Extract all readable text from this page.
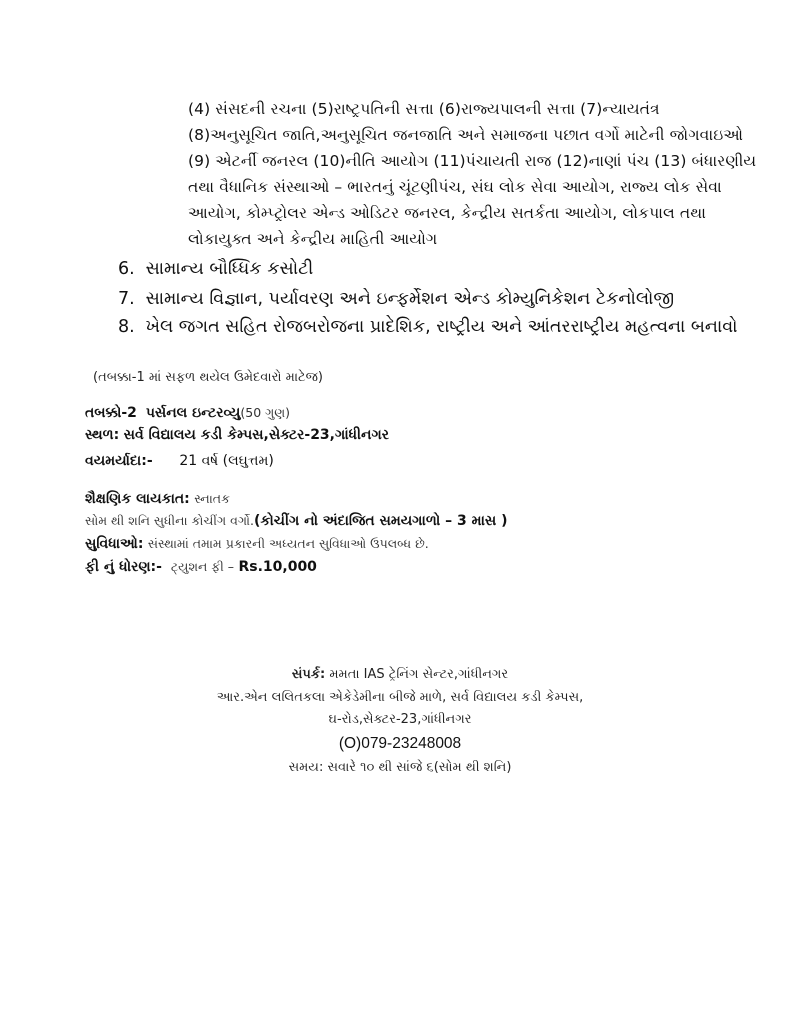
(4) સંસદની રચના (5)રાષ્ટ્રપતિની સત્તા (6)રાજ્યપાલની સત્તા (7)ન્યાયતંત્ર
(8)અનુસૂચિત જાતિ,અનુસૂચિત જનજાતિ અને સમાજના પછાત વર્ગો માટેની જોગવાઇઓ
(9) એટર્ની જનરલ (10)નીતિ આયોગ (11)પંચાયતી રાજ (12)નાણાં પંચ (13) બંધારણીય
તથા વૈધાનિક સંસ્થાઓ – ભારતનું ચૂંટણીપંચ, સંઘ લોક સેવા આયોગ, રાજ્ય લોક સેવા
આયોગ, કોમ્પ્ટ્રોલર એન્ડ ઓડિટર જનરલ, કેન્દ્રીય સતર્કતા આયોગ, લોકપાલ તથા
લોકાયુક્ત અને કેન્દ્રીય માહિતી આયોગ
6. સામાન્ય બૌધ્ધિક કસોટી
7. સામાન્ય વિજ્ઞાન, પર્યાવરણ અને ઇન્ફર્મેશન એન્ડ કોમ્યુનિકેશન ટેકનોલોજી
8. ખેલ જગત સહિત રોજબરોજના પ્રાદેશિક, રાષ્ટ્રીય અને આંતરરાષ્ટ્રીય મહત્વના બનાવો
(તબક્કા-1 માં સફળ થયેલ ઉમેદવારો માટેજ)
તબક્કો-2 પર્સનલ ઇન્ટરવ્યુ(50 ગુણ)
સ્થળ: સર્વ વિદ્યાલય કડી કેમ્પસ,સેક્ટર-23,ગાંધીનગર
વયમર્યાદા:- 21 વર્ષ (લઘુત્તમ)
શૈક્ષણિક લાયકાત: સ્નાતક
સોમ થી શનિ સુધીના કોચીંગ વર્ગો.(કોચીંગ નો અંદાજિત સમયગાળો – 3 માસ )
સુવિધાઓ: સંસ્થામાં તમામ પ્રકારની અધ્યતન સુવિધાઓ ઉપલબ્ધ છે.
ફી નું ધોરણ:- ટ્યુશન ફી – Rs.10,000
સંપર્ક: મમતા IAS ટ્રેનિંગ સેન્ટર,ગાંધીનગર
આર.એન લલિતકલા એકેડેમીના બીજે માળે, સર્વ વિદ્યાલય કડી કેમ્પસ,
ઘ-રોડ,સેક્ટર-23,ગાંધીનગર
(O)079-23248008
સમય: સવારે ૧૦ થી સાંજે ૬(સોમ થી શનિ)
